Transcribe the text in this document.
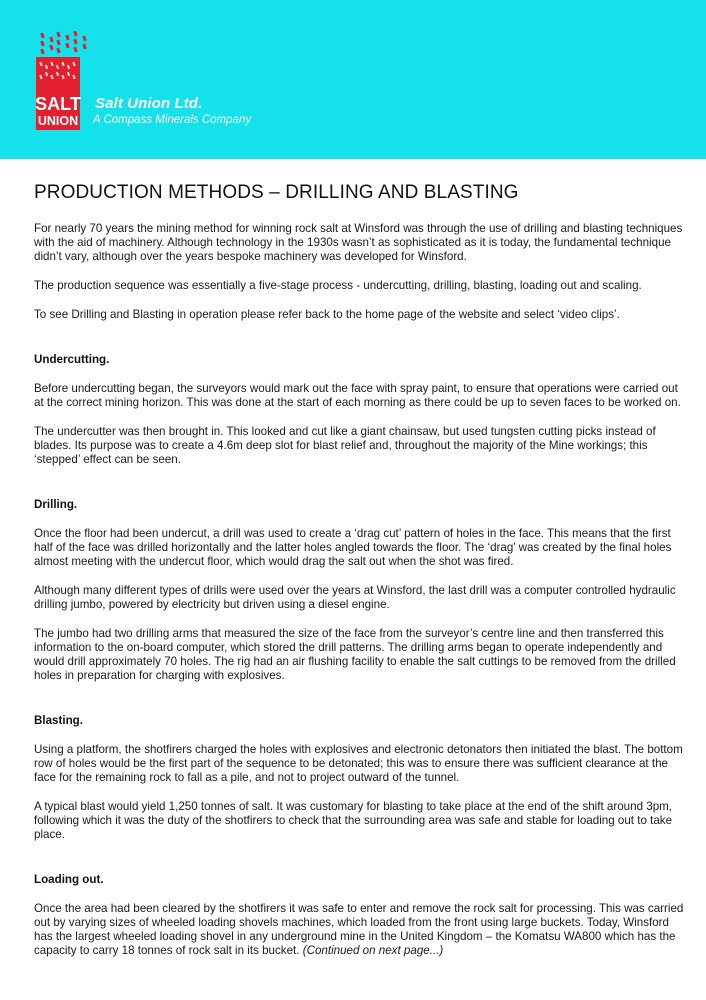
SALT
UNION

Salt Union Ltd.

A Compass Minerals Company

PRODUCTION METHODS – DRILLING AND BLASTING

For nearly 70 years the mining method for winning rock salt at Winsford was through the use of drilling and blasting techniques with the aid of machinery. Although technology in the 1930s wasn’t as sophisticated as it is today, the fundamental technique didn’t vary, although over the years bespoke machinery was developed for Winsford.

The production sequence was essentially a five-stage process - undercutting, drilling, blasting, loading out and scaling.

To see Drilling and Blasting in operation please refer back to the home page of the website and select ‘video clips’.

Undercutting.

Before undercutting began, the surveyors would mark out the face with spray paint, to ensure that operations were carried out at the correct mining horizon. This was done at the start of each morning as there could be up to seven faces to be worked on.

The undercutter was then brought in. This looked and cut like a giant chainsaw, but used tungsten cutting picks instead of blades. Its purpose was to create a 4.6m deep slot for blast relief and, throughout the majority of the Mine workings; this ‘stepped’ effect can be seen.

Drilling.

Once the floor had been undercut, a drill was used to create a ‘drag cut’ pattern of holes in the face. This means that the first half of the face was drilled horizontally and the latter holes angled towards the floor. The ‘drag’ was created by the final holes almost meeting with the undercut floor, which would drag the salt out when the shot was fired.

Although many different types of drills were used over the years at Winsford, the last drill was a computer controlled hydraulic drilling jumbo, powered by electricity but driven using a diesel engine.

The jumbo had two drilling arms that measured the size of the face from the surveyor’s centre line and then transferred this information to the on-board computer, which stored the drill patterns. The drilling arms began to operate independently and would drill approximately 70 holes. The rig had an air flushing facility to enable the salt cuttings to be removed from the drilled holes in preparation for charging with explosives.

Blasting.

Using a platform, the shotfirers charged the holes with explosives and electronic detonators then initiated the blast. The bottom row of holes would be the first part of the sequence to be detonated; this was to ensure there was sufficient clearance at the face for the remaining rock to fall as a pile, and not to project outward of the tunnel.

A typical blast would yield 1,250 tonnes of salt. It was customary for blasting to take place at the end of the shift around 3pm, following which it was the duty of the shotfirers to check that the surrounding area was safe and stable for loading out to take place.

Loading out.

Once the area had been cleared by the shotfirers it was safe to enter and remove the rock salt for processing. This was carried out by varying sizes of wheeled loading shovels machines, which loaded from the front using large buckets. Today, Winsford has the largest wheeled loading shovel in any underground mine in the United Kingdom – the Komatsu WA800 which has the capacity to carry 18 tonnes of rock salt in its bucket. (Continued on next page...)
